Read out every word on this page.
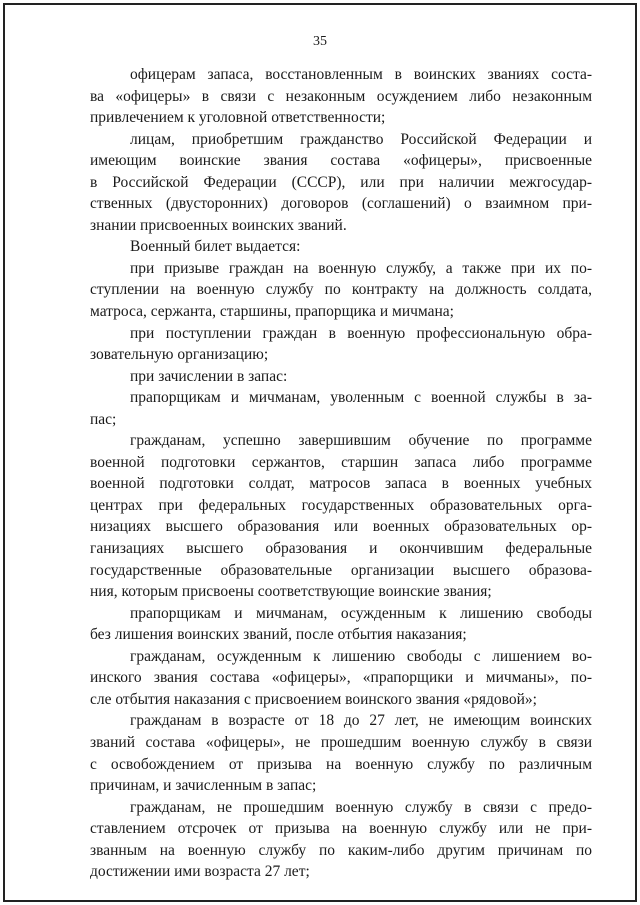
35
офицерам запаса, восстановленным в воинских званиях соста-
ва «офицеры» в связи с незаконным осуждением либо незаконным
привлечением к уголовной ответственности;
лицам, приобретшим гражданство Российской Федерации и
имеющим воинские звания состава «офицеры», присвоенные
в Российской Федерации (СССР), или при наличии межгосудар-
ственных (двусторонних) договоров (соглашений) о взаимном при-
знании присвоенных воинских званий.
Военный билет выдается:
при призыве граждан на военную службу, а также при их по-
ступлении на военную службу по контракту на должность солдата,
матроса, сержанта, старшины, прапорщика и мичмана;
при поступлении граждан в военную профессиональную обра-
зовательную организацию;
при зачислении в запас:
прапорщикам и мичманам, уволенным с военной службы в за-
пас;
гражданам, успешно завершившим обучение по программе
военной подготовки сержантов, старшин запаса либо программе
военной подготовки солдат, матросов запаса в военных учебных
центрах при федеральных государственных образовательных орга-
низациях высшего образования или военных образовательных ор-
ганизациях высшего образования и окончившим федеральные
государственные образовательные организации высшего образова-
ния, которым присвоены соответствующие воинские звания;
прапорщикам и мичманам, осужденным к лишению свободы
без лишения воинских званий, после отбытия наказания;
гражданам, осужденным к лишению свободы с лишением во-
инского звания состава «офицеры», «прапорщики и мичманы», по-
сле отбытия наказания с присвоением воинского звания «рядовой»;
гражданам в возрасте от 18 до 27 лет, не имеющим воинских
званий состава «офицеры», не прошедшим военную службу в связи
с освобождением от призыва на военную службу по различным
причинам, и зачисленным в запас;
гражданам, не прошедшим военную службу в связи с предо-
ставлением отсрочек от призыва на военную службу или не при-
званным на военную службу по каким-либо другим причинам по
достижении ими возраста 27 лет;
